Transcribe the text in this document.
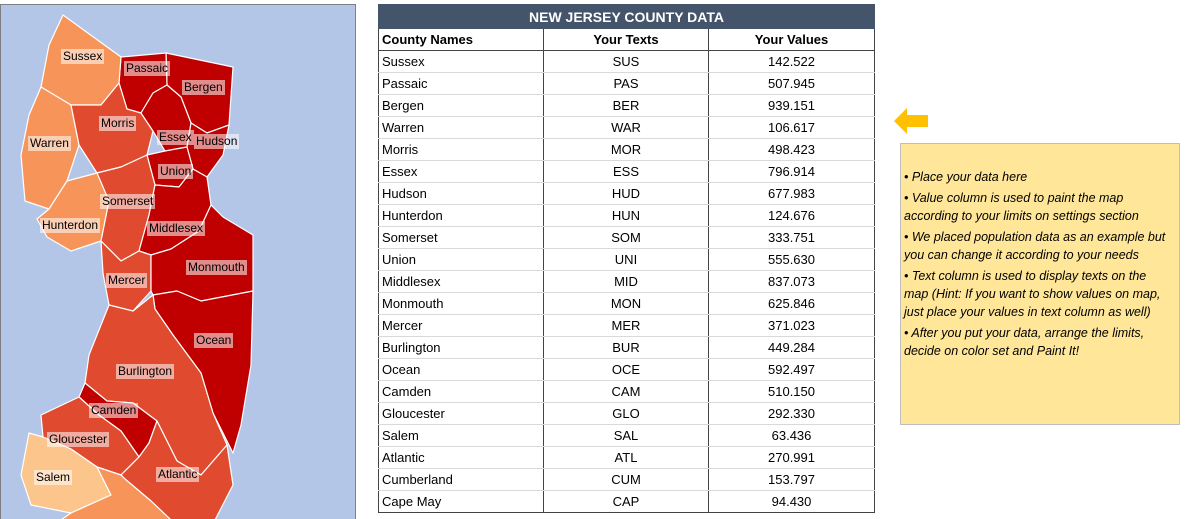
Sussex
Passaic
Bergen
Morris
Warren	Essex Hudson
Union
Somerset
Hunterdon	Middlesex
Monmouth
Mercer
Ocean
Burlington
Camden
Gloucester
Atlantic
Salem
NEW JERSEY COUNTY DATA		
County Names	Your Texts	Your Values
Sussex	SUS	142.522
Passaic	PAS	507.945
Bergen	BER	939.151
Warren	WAR	106.617
Morris	MOR	498.423
Essex	ESS	796.914
Hudson	HUD	677.983
Hunterdon	HUN	124.676
Somerset	SOM	333.751
Union	UNI	555.630
Middlesex	MID	837.073
Monmouth	MON	625.846
Mercer	MER	371.023
Burlington	BUR	449.284
Ocean	OCE	592.497
Camden	CAM	510.150
Gloucester	GLO	292.330
Salem	SAL	63.436
Atlantic	ATL	270.991
Cumberland	CUM	153.797
Cape May	CAP	94.430
• Place your data here
• Value column is used to paint the map according to your limits on settings section
• We placed population data as an example but you can change it according to your needs
• Text column is used to display texts on the map (Hint: If you want to show values on map, just place your values in text column as well)
• After you put your data, arrange the limits, decide on color set and Paint It!
